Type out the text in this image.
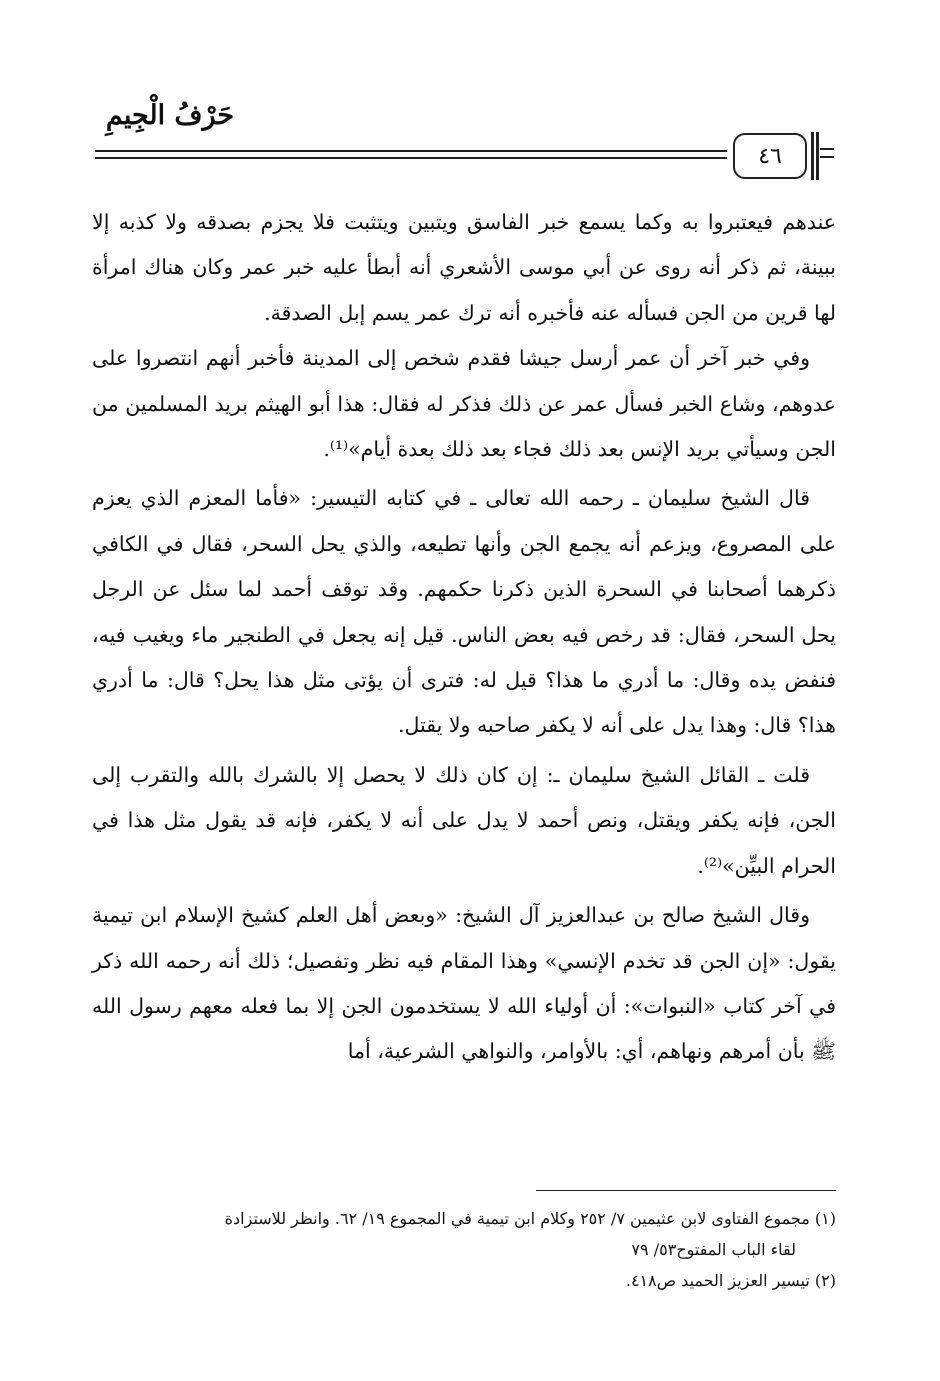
حَرْفُ الْجِيمِ
٤٦

عندهم فيعتبروا به وكما يسمع خبر الفاسق ويتبين ويتثبت فلا يجزم بصدقه ولا كذبه إلا ببينة، ثم ذكر أنه روى عن أبي موسى الأشعري أنه أبطأ عليه خبر عمر وكان هناك امرأة لها قرين من الجن فسأله عنه فأخبره أنه ترك عمر يسم إبل الصدقة.

وفي خبر آخر أن عمر أرسل جيشا فقدم شخص إلى المدينة فأخبر أنهم انتصروا على عدوهم، وشاع الخبر فسأل عمر عن ذلك فذكر له فقال: هذا أبو الهيثم بريد المسلمين من الجن وسيأتي بريد الإنس بعد ذلك فجاء بعد ذلك بعدة أيام»⁽¹⁾.

قال الشيخ سليمان ـ رحمه الله تعالى ـ في كتابه التيسير: «فأما المعزم الذي يعزم على المصروع، ويزعم أنه يجمع الجن وأنها تطيعه، والذي يحل السحر، فقال في الكافي ذكرهما أصحابنا في السحرة الذين ذكرنا حكمهم. وقد توقف أحمد لما سئل عن الرجل يحل السحر، فقال: قد رخص فيه بعض الناس. قيل إنه يجعل في الطنجير ماء ويغيب فيه، فنفض يده وقال: ما أدري ما هذا؟ قيل له: فترى أن يؤتى مثل هذا يحل؟ قال: ما أدري هذا؟ قال: وهذا يدل على أنه لا يكفر صاحبه ولا يقتل.

قلت ـ القائل الشيخ سليمان ـ: إن كان ذلك لا يحصل إلا بالشرك بالله والتقرب إلى الجن، فإنه يكفر ويقتل، ونص أحمد لا يدل على أنه لا يكفر، فإنه قد يقول مثل هذا في الحرام البيِّن»⁽²⁾.

وقال الشيخ صالح بن عبدالعزيز آل الشيخ: «وبعض أهل العلم كشيخ الإسلام ابن تيمية يقول: «إن الجن قد تخدم الإنسي» وهذا المقام فيه نظر وتفصيل؛ ذلك أنه رحمه الله ذكر في آخر كتاب «النبوات»: أن أولياء الله لا يستخدمون الجن إلا بما فعله معهم رسول الله ﷺ بأن أمرهم ونهاهم، أي: بالأوامر، والنواهي الشرعية، أما

(١) مجموع الفتاوى لابن عثيمين ٧/ ٢٥٢ وكلام ابن تيمية في المجموع ١٩/ ٦٢. وانظر للاستزادة

لقاء الباب المفتوح٥٣/ ٧٩

(٢) تيسير العزيز الحميد ص٤١٨.
